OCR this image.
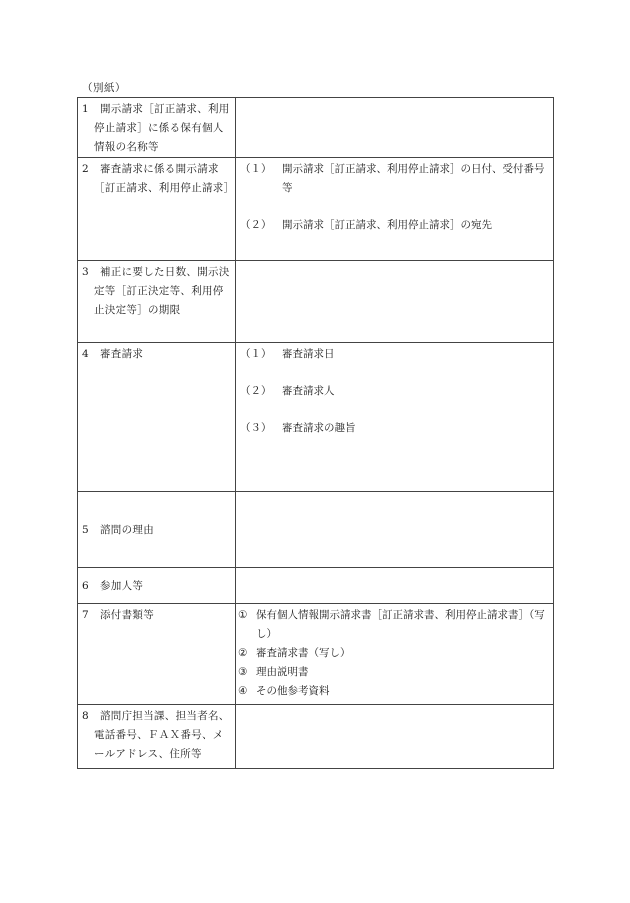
（別紙）
1 開示請求［訂正請求、利用停止請求］に係る保有個人情報の名称等	

2 審査請求に係る開示請求［訂正請求、利用停止請求］	（１） 開示請求［訂正請求、利用停止請求］の日付、受付番号等
（２） 開示請求［訂正請求、利用停止請求］の宛先

3 補正に要した日数、開示決定等［訂正決定等、利用停止決定等］の期限	

4 審査請求	（１） 審査請求日
（２） 審査請求人
（３） 審査請求の趣旨

5 諮問の理由	

6 参加人等	

7 添付書類等	① 保有個人情報開示請求書［訂正請求書、利用停止請求書］（写し）
② 審査請求書（写し）
③ 理由説明書
④ その他参考資料

8 諮問庁担当課、担当者名、電話番号、ＦＡＸ番号、メールアドレス、住所等	
